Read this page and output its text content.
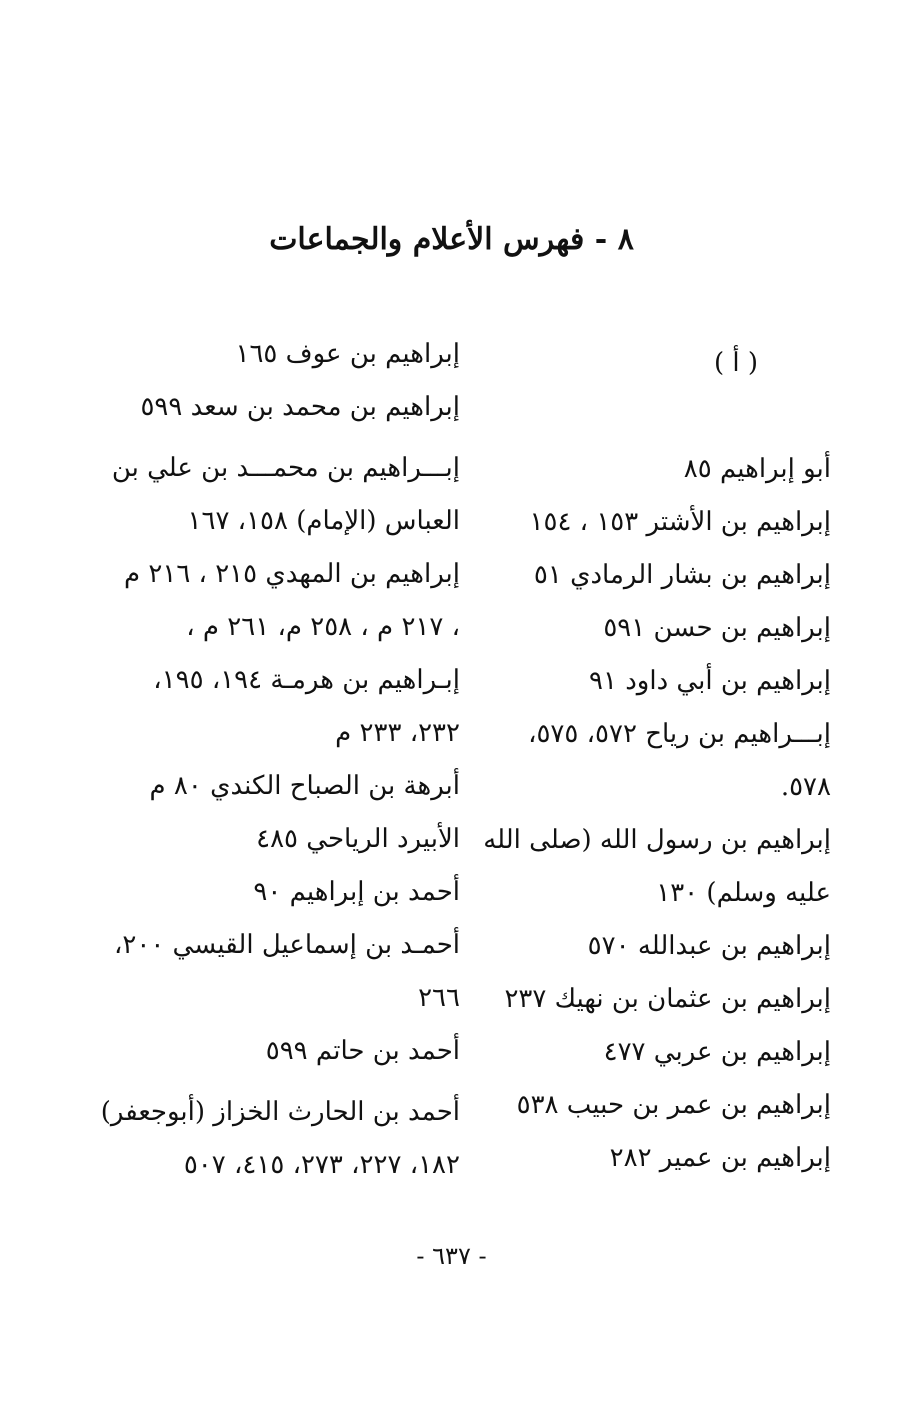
٨ - فهرس الأعلام والجماعات
( أ )
أبو إبراهيم ٨٥
إبراهيم بن الأشتر ١٥٣ ، ١٥٤
إبراهيم بن بشار الرمادي ٥١
إبراهيم بن حسن ٥٩١
إبراهيم بن أبي داود ٩١
إبـــراهيم بن رياح ٥٧٢، ٥٧٥،
٥٧٨.
إبراهيم بن رسول الله (صلى الله
عليه وسلم) ١٣٠
إبراهيم بن عبدالله ٥٧٠
إبراهيم بن عثمان بن نهيك ٢٣٧
إبراهيم بن عربي ٤٧٧
إبراهيم بن عمر بن حبيب ٥٣٨
إبراهيم بن عمير ٢٨٢
إبراهيم بن عوف ١٦٥
إبراهيم بن محمد بن سعد ٥٩٩
إبـــراهيم بن محمـــد بن علي بن
العباس (الإمام) ١٥٨، ١٦٧
إبراهيم بن المهدي ٢١٥ ، ٢١٦ م
، ٢١٧ م ، ٢٥٨ م، ٢٦١ م ،
إبـراهيم بن هرمـة ١٩٤، ١٩٥،
٢٣٢، ٢٣٣ م
أبرهة بن الصباح الكندي ٨٠ م
الأبيرد الرياحي ٤٨٥
أحمد بن إبراهيم ٩٠
أحمـد بن إسماعيل القيسي ٢٠٠،
٢٦٦
أحمد بن حاتم ٥٩٩
أحمد بن الحارث الخزاز (أبوجعفر)
١٨٢، ٢٢٧، ٢٧٣، ٤١٥، ٥٠٧
- ٦٣٧ -
